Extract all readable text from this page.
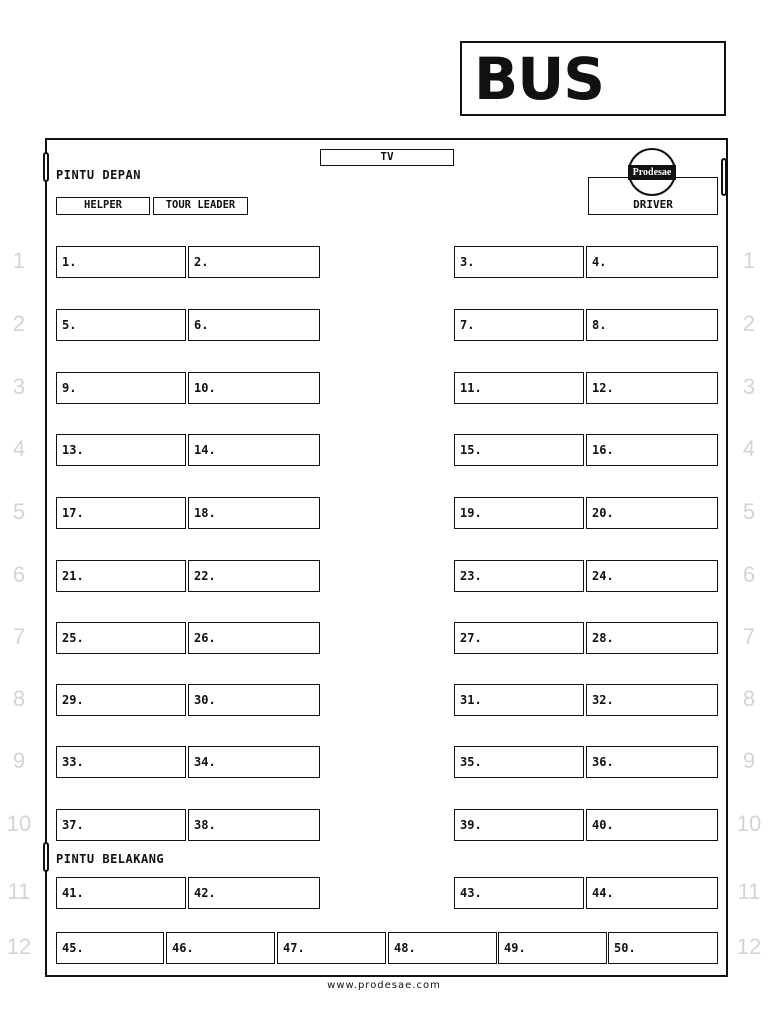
BUS
TV
PINTU DEPAN
HELPER	TOUR LEADER	DRIVER
Prodesae
PINTU BELAKANG
1.	2.	3.	4.
5.	6.	7.	8.
9.	10.	11.	12.
13.	14.	15.	16.
17.	18.	19.	20.
21.	22.	23.	24.
25.	26.	27.	28.
29.	30.	31.	32.
33.	34.	35.	36.
37.	38.	39.	40.
41.	42.	43.	44.
45.	46.	47.	48.	49.	50.
1	1
2	2
3	3
4	4
5	5
6	6
7	7
8	8
9	9
10	10
11	11
12	12
www.prodesae.com
